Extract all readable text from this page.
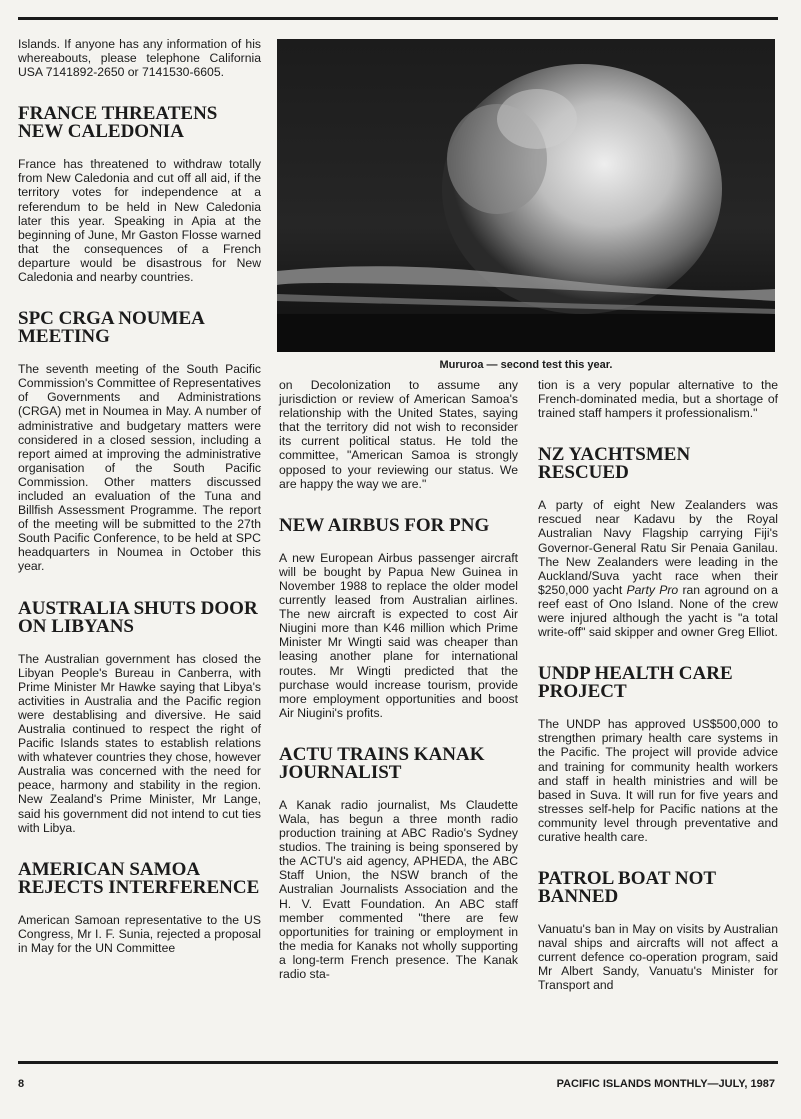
Islands. If anyone has any information of his whereabouts, please telephone California USA 7141892-2650 or 7141530-6605.

FRANCE THREATENS NEW CALEDONIA

France has threatened to withdraw totally from New Caledonia and cut off all aid, if the territory votes for independence at a referendum to be held in New Caledonia later this year. Speaking in Apia at the beginning of June, Mr Gaston Flosse warned that the consequences of a French departure would be disastrous for New Caledonia and nearby countries.

SPC CRGA NOUMEA MEETING

The seventh meeting of the South Pacific Commission's Committee of Representatives of Governments and Administrations (CRGA) met in Noumea in May. A number of administrative and budgetary matters were considered in a closed session, including a report aimed at improving the administrative organisation of the South Pacific Commission. Other matters discussed included an evaluation of the Tuna and Billfish Assessment Programme. The report of the meeting will be submitted to the 27th South Pacific Conference, to be held at SPC headquarters in Noumea in October this year.

AUSTRALIA SHUTS DOOR ON LIBYANS

The Australian government has closed the Libyan People's Bureau in Canberra, with Prime Minister Mr Hawke saying that Libya's activities in Australia and the Pacific region were destablising and diversive. He said Australia continued to respect the right of Pacific Islands states to establish relations with whatever countries they chose, however Australia was concerned with the need for peace, harmony and stability in the region. New Zealand's Prime Minister, Mr Lange, said his government did not intend to cut ties with Libya.

AMERICAN SAMOA REJECTS INTERFERENCE

American Samoan representative to the US Congress, Mr I. F. Sunia, rejected a proposal in May for the UN Committee

Mururoa — second test this year.

on Decolonization to assume any jurisdiction or review of American Samoa's relationship with the United States, saying that the territory did not wish to reconsider its current political status. He told the committee, "American Samoa is strongly opposed to your reviewing our status. We are happy the way we are."

NEW AIRBUS FOR PNG

A new European Airbus passenger aircraft will be bought by Papua New Guinea in November 1988 to replace the older model currently leased from Australian airlines. The new aircraft is expected to cost Air Niugini more than K46 million which Prime Minister Mr Wingti said was cheaper than leasing another plane for international routes. Mr Wingti predicted that the purchase would increase tourism, provide more employment opportunities and boost Air Niugini's profits.

ACTU TRAINS KANAK JOURNALIST

A Kanak radio journalist, Ms Claudette Wala, has begun a three month radio production training at ABC Radio's Sydney studios. The training is being sponsered by the ACTU's aid agency, APHEDA, the ABC Staff Union, the NSW branch of the Australian Journalists Association and the H. V. Evatt Foundation. An ABC staff member commented "there are few opportunities for training or employment in the media for Kanaks not wholly supporting a long-term French presence. The Kanak radio sta-

tion is a very popular alternative to the French-dominated media, but a shortage of trained staff hampers it professionalism."

NZ YACHTSMEN RESCUED

A party of eight New Zealanders was rescued near Kadavu by the Royal Australian Navy Flagship carrying Fiji's Governor-General Ratu Sir Penaia Ganilau. The New Zealanders were leading in the Auckland/Suva yacht race when their $250,000 yacht Party Pro ran aground on a reef east of Ono Island. None of the crew were injured although the yacht is "a total write-off" said skipper and owner Greg Elliot.

UNDP HEALTH CARE PROJECT

The UNDP has approved US$500,000 to strengthen primary health care systems in the Pacific. The project will provide advice and training for community health workers and staff in health ministries and will be based in Suva. It will run for five years and stresses self-help for Pacific nations at the community level through preventative and curative health care.

PATROL BOAT NOT BANNED

Vanuatu's ban in May on visits by Australian naval ships and aircrafts will not affect a current defence co-operation program, said Mr Albert Sandy, Vanuatu's Minister for Transport and

8	PACIFIC ISLANDS MONTHLY—JULY, 1987
